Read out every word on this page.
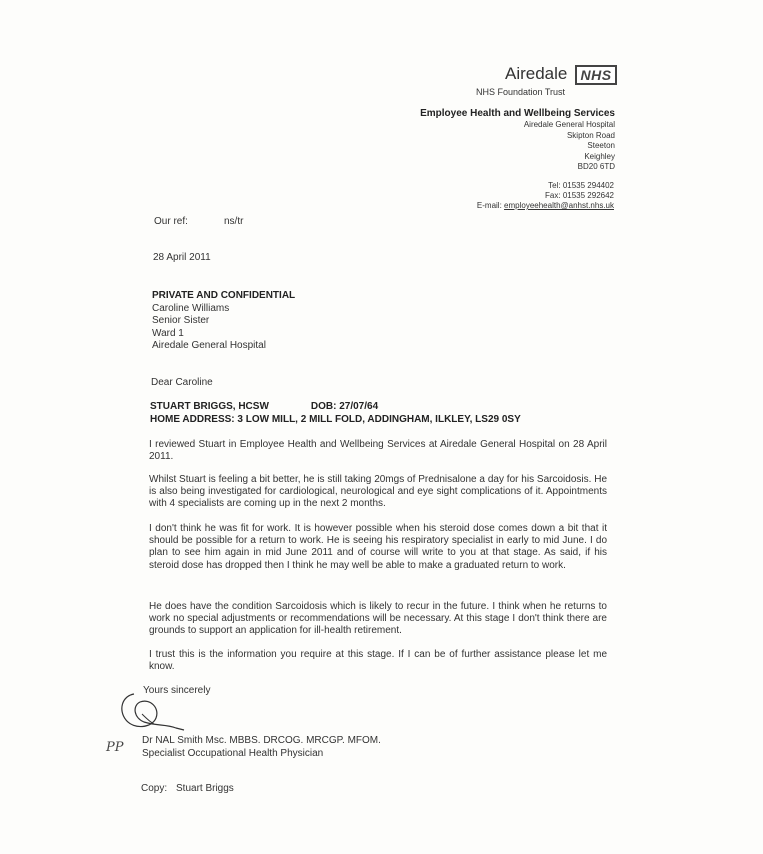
Airedale NHS
NHS Foundation Trust
Employee Health and Wellbeing Services
Airedale General Hospital
Skipton Road
Steeton
Keighley
BD20 6TD
Tel: 01535 294402
Fax: 01535 292642
E-mail: employeehealth@anhst.nhs.uk
Our ref:	ns/tr
28 April 2011
PRIVATE AND CONFIDENTIAL
Caroline Williams
Senior Sister
Ward 1
Airedale General Hospital
Dear Caroline
STUART BRIGGS, HCSW	DOB: 27/07/64
HOME ADDRESS: 3 LOW MILL, 2 MILL FOLD, ADDINGHAM, ILKLEY, LS29 0SY
I reviewed Stuart in Employee Health and Wellbeing Services at Airedale General Hospital on 28 April 2011.
Whilst Stuart is feeling a bit better, he is still taking 20mgs of Prednisalone a day for his Sarcoidosis. He is also being investigated for cardiological, neurological and eye sight complications of it. Appointments with 4 specialists are coming up in the next 2 months.
I don't think he was fit for work. It is however possible when his steroid dose comes down a bit that it should be possible for a return to work. He is seeing his respiratory specialist in early to mid June. I do plan to see him again in mid June 2011 and of course will write to you at that stage. As said, if his steroid dose has dropped then I think he may well be able to make a graduated return to work.
He does have the condition Sarcoidosis which is likely to recur in the future. I think when he returns to work no special adjustments or recommendations will be necessary. At this stage I don't think there are grounds to support an application for ill-health retirement.
I trust this is the information you require at this stage. If I can be of further assistance please let me know.
Yours sincerely
PP Dr NAL Smith Msc. MBBS. DRCOG. MRCGP. MFOM.
Specialist Occupational Health Physician
Copy: Stuart Briggs
